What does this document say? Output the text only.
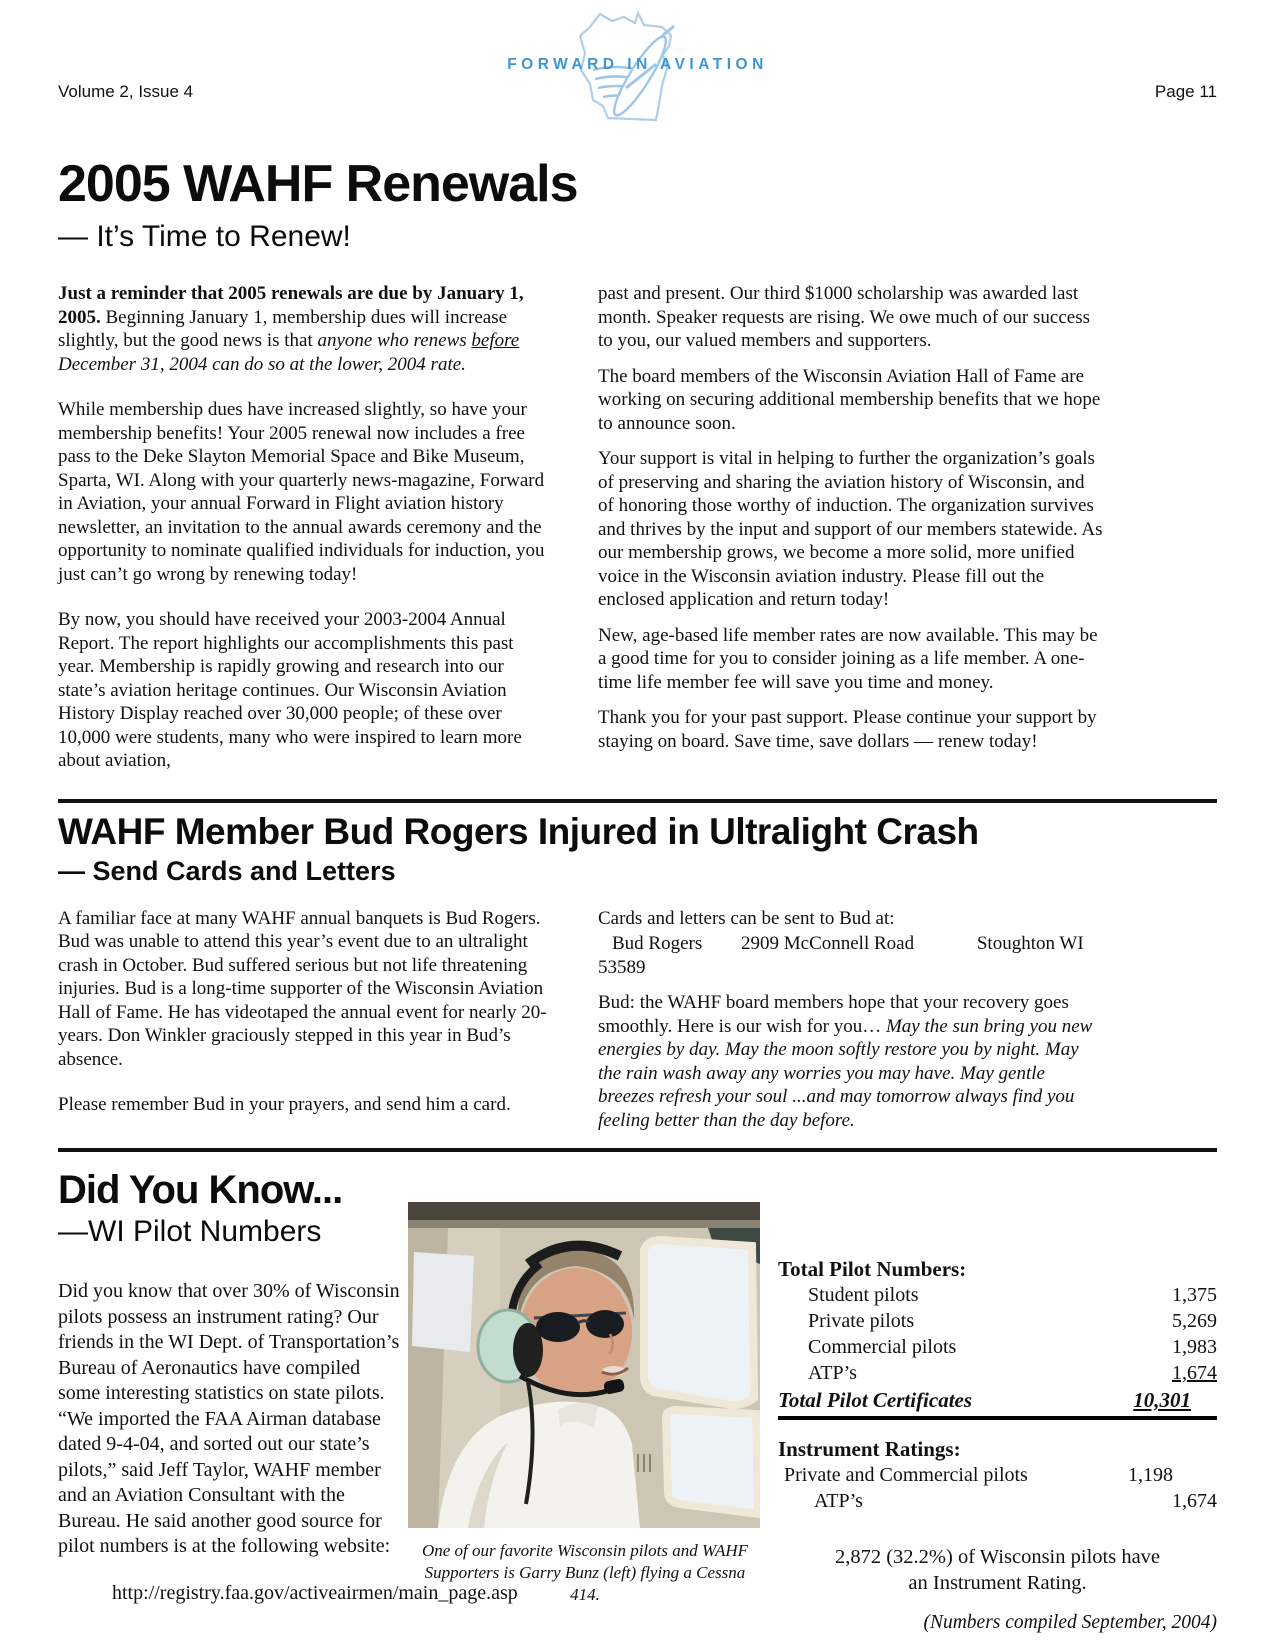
Volume 2, Issue 4
FORWARD IN AVIATION
Page 11
2005 WAHF Renewals
— It’s Time to Renew!

Just a reminder that 2005 renewals are due by January 1, 2005. Beginning January 1, membership dues will increase slightly, but the good news is that anyone who renews before December 31, 2004 can do so at the lower, 2004 rate.

While membership dues have increased slightly, so have your membership benefits! Your 2005 renewal now includes a free pass to the Deke Slayton Memorial Space and Bike Museum, Sparta, WI. Along with your quarterly news-magazine, Forward in Aviation, your annual Forward in Flight aviation history newsletter, an invitation to the annual awards ceremony and the opportunity to nominate qualified individuals for induction, you just can’t go wrong by renewing today!

By now, you should have received your 2003-2004 Annual Report. The report highlights our accomplishments this past year. Membership is rapidly growing and research into our state’s aviation heritage continues. Our Wisconsin Aviation History Display reached over 30,000 people; of these over 10,000 were students, many who were inspired to learn more about aviation,

past and present. Our third $1000 scholarship was awarded last month. Speaker requests are rising. We owe much of our success to you, our valued members and supporters.

The board members of the Wisconsin Aviation Hall of Fame are working on securing additional membership benefits that we hope to announce soon.

Your support is vital in helping to further the organization’s goals of preserving and sharing the aviation history of Wisconsin, and of honoring those worthy of induction. The organization survives and thrives by the input and support of our members statewide. As our membership grows, we become a more solid, more unified voice in the Wisconsin aviation industry. Please fill out the enclosed application and return today!

New, age-based life member rates are now available. This may be a good time for you to consider joining as a life member. A one-time life member fee will save you time and money.

Thank you for your past support. Please continue your support by staying on board. Save time, save dollars — renew today!

WAHF Member Bud Rogers Injured in Ultralight Crash
— Send Cards and Letters

A familiar face at many WAHF annual banquets is Bud Rogers. Bud was unable to attend this year’s event due to an ultralight crash in October. Bud suffered serious but not life threatening injuries. Bud is a long-time supporter of the Wisconsin Aviation Hall of Fame. He has videotaped the annual event for nearly 20-years. Don Winkler graciously stepped in this year in Bud’s absence.

Please remember Bud in your prayers, and send him a card.

Cards and letters can be sent to Bud at:

Bud Rogers 2909 McConnell Road	Stoughton WI 53589

Bud: the WAHF board members hope that your recovery goes smoothly. Here is our wish for you… May the sun bring you new energies by day. May the moon softly restore you by night. May the rain wash away any worries you may have. May gentle breezes refresh your soul ...and may tomorrow always find you feeling better than the day before.

Did You Know...
—WI Pilot Numbers

Did you know that over 30% of Wisconsin pilots possess an instrument rating? Our friends in the WI Dept. of Transportation’s Bureau of Aeronautics have compiled some interesting statistics on state pilots. “We imported the FAA Airman database dated 9-4-04, and sorted out our state’s pilots,” said Jeff Taylor, WAHF member and an Aviation Consultant with the Bureau. He said another good source for pilot numbers is at the following website:

http://registry.faa.gov/activeairmen/main_page.asp
One of our favorite Wisconsin pilots and WAHF
Supporters is Garry Bunz (left) flying a Cessna 414.
Total Pilot Numbers:
Student pilots	1,375
Private pilots	5,269
Commercial pilots	1,983
ATP’s	1,674
Total Pilot Certificates	10,301
Instrument Ratings:
Private and Commercial pilots	1,198
ATP’s	1,674
2,872 (32.2%) of Wisconsin pilots have
an Instrument Rating.
(Numbers compiled September, 2004)
